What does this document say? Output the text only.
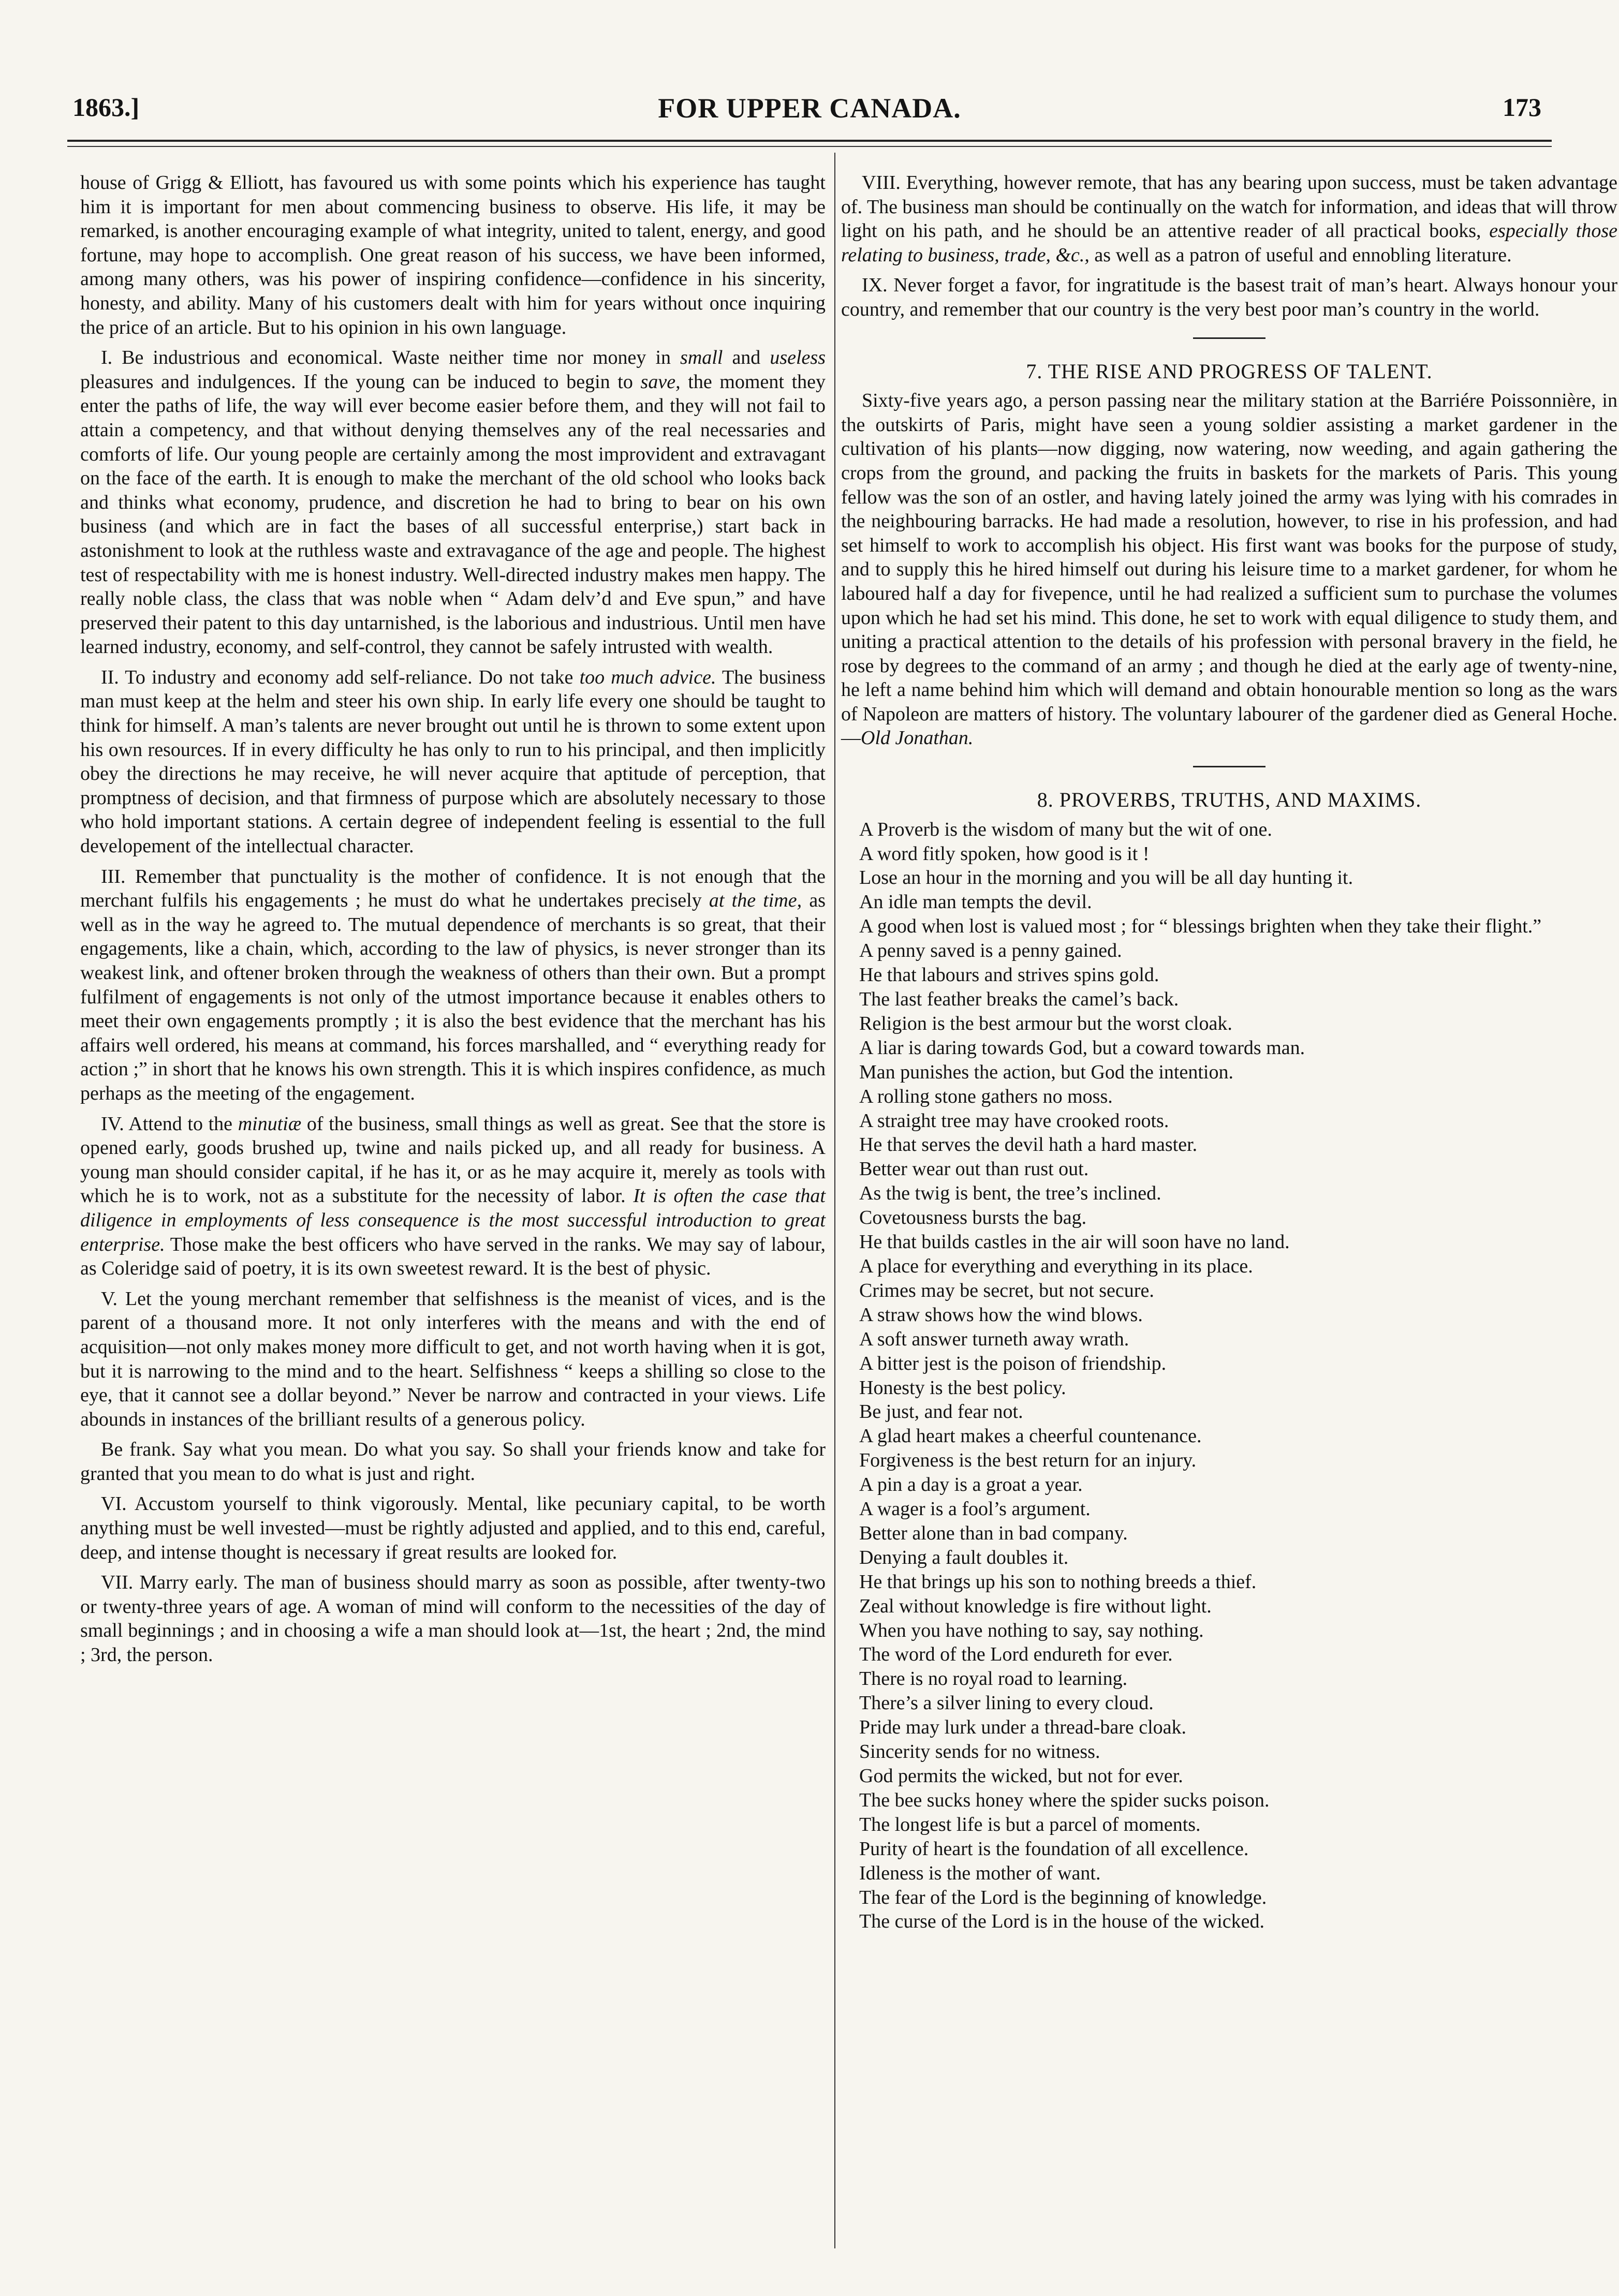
1863.]	FOR UPPER CANADA.	173

house of Grigg & Elliott, has favoured us with some points which his experience has taught him it is important for men about commencing business to observe. His life, it may be remarked, is another encouraging example of what integrity, united to talent, energy, and good fortune, may hope to accomplish. One great reason of his success, we have been informed, among many others, was his power of inspiring confidence—confidence in his sincerity, honesty, and ability. Many of his customers dealt with him for years without once inquiring the price of an article. But to his opinion in his own language.

I. Be industrious and economical. Waste neither time nor money in small and useless pleasures and indulgences. If the young can be induced to begin to save, the moment they enter the paths of life, the way will ever become easier before them, and they will not fail to attain a competency, and that without denying themselves any of the real necessaries and comforts of life. Our young people are certainly among the most improvident and extravagant on the face of the earth. It is enough to make the merchant of the old school who looks back and thinks what economy, prudence, and discretion he had to bring to bear on his own business (and which are in fact the bases of all successful enterprise,) start back in astonishment to look at the ruthless waste and extravagance of the age and people. The highest test of respectability with me is honest industry. Well-directed industry makes men happy. The really noble class, the class that was noble when “ Adam delv’d and Eve spun,” and have preserved their patent to this day untarnished, is the laborious and industrious. Until men have learned industry, economy, and self-control, they cannot be safely intrusted with wealth.

II. To industry and economy add self-reliance. Do not take too much advice. The business man must keep at the helm and steer his own ship. In early life every one should be taught to think for himself. A man’s talents are never brought out until he is thrown to some extent upon his own resources. If in every difficulty he has only to run to his principal, and then implicitly obey the directions he may receive, he will never acquire that aptitude of perception, that promptness of decision, and that firmness of purpose which are absolutely necessary to those who hold important stations. A certain degree of independent feeling is essential to the full developement of the intellectual character.

III. Remember that punctuality is the mother of confidence. It is not enough that the merchant fulfils his engagements ; he must do what he undertakes precisely at the time, as well as in the way he agreed to. The mutual dependence of merchants is so great, that their engagements, like a chain, which, according to the law of physics, is never stronger than its weakest link, and oftener broken through the weakness of others than their own. But a prompt fulfilment of engagements is not only of the utmost importance because it enables others to meet their own engagements promptly ; it is also the best evidence that the merchant has his affairs well ordered, his means at command, his forces marshalled, and “ everything ready for action ;” in short that he knows his own strength. This it is which inspires confidence, as much perhaps as the meeting of the engagement.

IV. Attend to the minutiæ of the business, small things as well as great. See that the store is opened early, goods brushed up, twine and nails picked up, and all ready for business. A young man should consider capital, if he has it, or as he may acquire it, merely as tools with which he is to work, not as a substitute for the necessity of labor. It is often the case that diligence in employments of less consequence is the most successful introduction to great enterprise. Those make the best officers who have served in the ranks. We may say of labour, as Coleridge said of poetry, it is its own sweetest reward. It is the best of physic.

V. Let the young merchant remember that selfishness is the meanist of vices, and is the parent of a thousand more. It not only interferes with the means and with the end of acquisition—not only makes money more difficult to get, and not worth having when it is got, but it is narrowing to the mind and to the heart. Selfishness “ keeps a shilling so close to the eye, that it cannot see a dollar beyond.” Never be narrow and contracted in your views. Life abounds in instances of the brilliant results of a generous policy.

Be frank. Say what you mean. Do what you say. So shall your friends know and take for granted that you mean to do what is just and right.

VI. Accustom yourself to think vigorously. Mental, like pecuniary capital, to be worth anything must be well invested—must be rightly adjusted and applied, and to this end, careful, deep, and intense thought is necessary if great results are looked for.

VII. Marry early. The man of business should marry as soon as possible, after twenty-two or twenty-three years of age. A woman of mind will conform to the necessities of the day of small beginnings ; and in choosing a wife a man should look at—1st, the heart ; 2nd, the mind ; 3rd, the person.

VIII. Everything, however remote, that has any bearing upon success, must be taken advantage of. The business man should be continually on the watch for information, and ideas that will throw light on his path, and he should be an attentive reader of all practical books, especially those relating to business, trade, &c., as well as a patron of useful and ennobling literature.

IX. Never forget a favor, for ingratitude is the basest trait of man’s heart. Always honour your country, and remember that our country is the very best poor man’s country in the world.

7. THE RISE AND PROGRESS OF TALENT.

Sixty-five years ago, a person passing near the military station at the Barriére Poissonnière, in the outskirts of Paris, might have seen a young soldier assisting a market gardener in the cultivation of his plants—now digging, now watering, now weeding, and again gathering the crops from the ground, and packing the fruits in baskets for the markets of Paris. This young fellow was the son of an ostler, and having lately joined the army was lying with his comrades in the neighbouring barracks. He had made a resolution, however, to rise in his profession, and had set himself to work to accomplish his object. His first want was books for the purpose of study, and to supply this he hired himself out during his leisure time to a market gardener, for whom he laboured half a day for fivepence, until he had realized a sufficient sum to purchase the volumes upon which he had set his mind. This done, he set to work with equal diligence to study them, and uniting a practical attention to the details of his profession with personal bravery in the field, he rose by degrees to the command of an army ; and though he died at the early age of twenty-nine, he left a name behind him which will demand and obtain honourable mention so long as the wars of Napoleon are matters of history. The voluntary labourer of the gardener died as General Hoche.—Old Jonathan.

8. PROVERBS, TRUTHS, AND MAXIMS.
A Proverb is the wisdom of many but the wit of one.
A word fitly spoken, how good is it !
Lose an hour in the morning and you will be all day hunting it.
An idle man tempts the devil.
A good when lost is valued most ; for “ blessings brighten when they take their flight.”
A penny saved is a penny gained.
He that labours and strives spins gold.
The last feather breaks the camel’s back.
Religion is the best armour but the worst cloak.
A liar is daring towards God, but a coward towards man.
Man punishes the action, but God the intention.
A rolling stone gathers no moss.
A straight tree may have crooked roots.
He that serves the devil hath a hard master.
Better wear out than rust out.
As the twig is bent, the tree’s inclined.
Covetousness bursts the bag.
He that builds castles in the air will soon have no land.
A place for everything and everything in its place.
Crimes may be secret, but not secure.
A straw shows how the wind blows.
A soft answer turneth away wrath.
A bitter jest is the poison of friendship.
Honesty is the best policy.
Be just, and fear not.
A glad heart makes a cheerful countenance.
Forgiveness is the best return for an injury.
A pin a day is a groat a year.
A wager is a fool’s argument.
Better alone than in bad company.
Denying a fault doubles it.
He that brings up his son to nothing breeds a thief.
Zeal without knowledge is fire without light.
When you have nothing to say, say nothing.
The word of the Lord endureth for ever.
There is no royal road to learning.
There’s a silver lining to every cloud.
Pride may lurk under a thread-bare cloak.
Sincerity sends for no witness.
God permits the wicked, but not for ever.
The bee sucks honey where the spider sucks poison.
The longest life is but a parcel of moments.
Purity of heart is the foundation of all excellence.
Idleness is the mother of want.
The fear of the Lord is the beginning of knowledge.
The curse of the Lord is in the house of the wicked.
